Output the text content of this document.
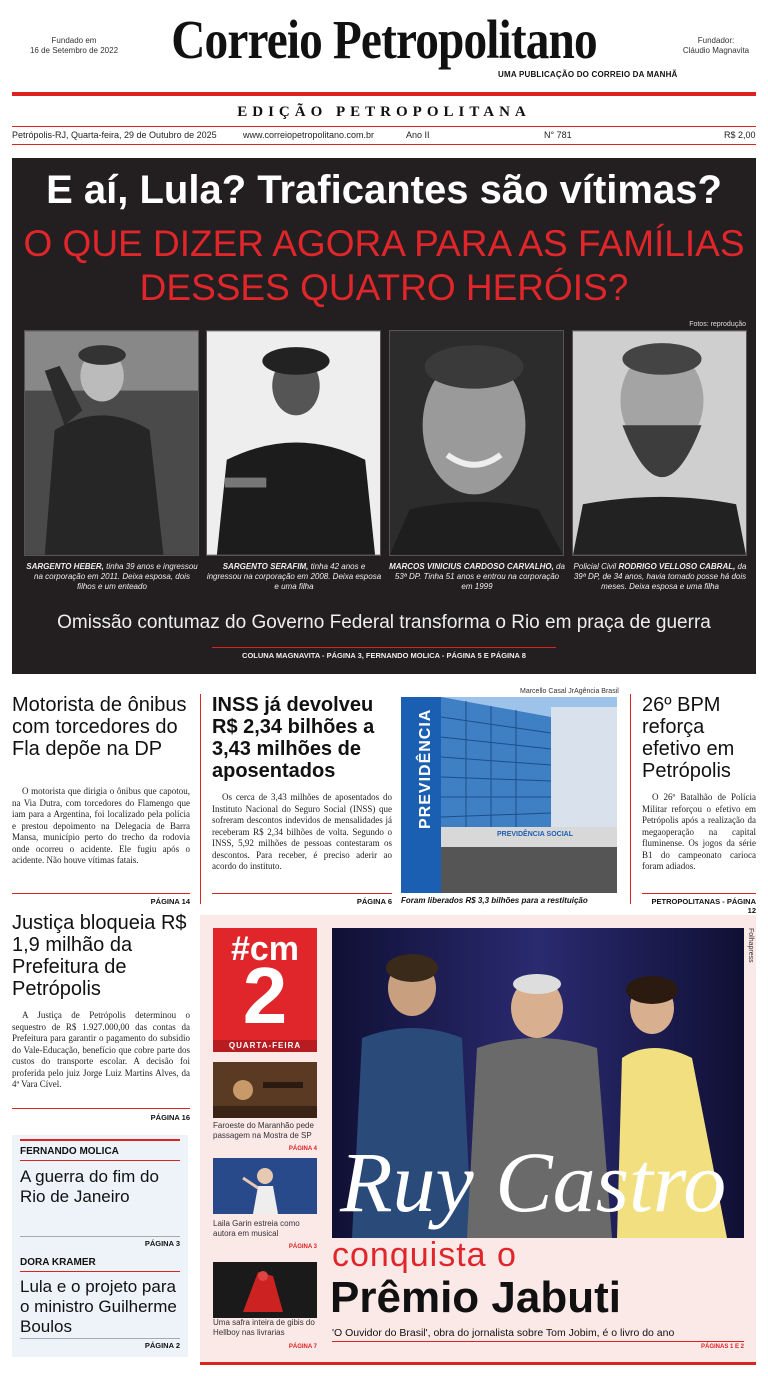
Fundado em
16 de Setembro de 2022 Correio Petropolitano	Fundador:
Cláudio Magnavita
UMA PUBLICAÇÃO DO CORREIO DA MANHÃ
EDIÇÃO PETROPOLITANA
Petrópolis-RJ, Quarta-feira, 29 de Outubro de 2025	www.correiopetropolitano.com.br	Ano II	N° 781	R$ 2,00
E aí, Lula? Traficantes são vítimas?
O QUE DIZER AGORA PARA AS FAMÍLIAS DESSES QUATRO HERÓIS?
Fotos: reprodução
SARGENTO HEBER, tinha 39 anos e ingressou na corporação em 2011. Deixa esposa, dois filhos e um enteado
SARGENTO SERAFIM, tinha 42 anos e ingressou na corporação em 2008. Deixa esposa e uma filha
MARCOS VINICIUS CARDOSO CARVALHO, da 53ª DP. Tinha 51 anos e entrou na corporação em 1999
Policial Civil RODRIGO VELLOSO CABRAL, da 39ª DP, de 34 anos, havia tomado posse há dois meses. Deixa esposa e uma filha
Omissão contumaz do Governo Federal transforma o Rio em praça de guerra
COLUNA MAGNAVITA - PÁGINA 3, FERNANDO MOLICA - PÁGINA 5 E PÁGINA 8
Motorista de ônibus com torcedores do Fla depõe na DP
O motorista que dirigia o ônibus que capotou, na Via Dutra, com torcedores do Flamengo que iam para a Argentina, foi localizado pela polícia e prestou depoimento na Delegacia de Barra Mansa, município perto do trecho da rodovia onde ocorreu o acidente. Ele fugiu após o acidente. Não houve vítimas fatais.
PÁGINA 14
INSS já devolveu R$ 2,34 bilhões a 3,43 milhões de aposentados
Os cerca de 3,43 milhões de aposentados do Instituto Nacional do Seguro Social (INSS) que sofreram descontos indevidos de mensalidades já receberam R$ 2,34 bilhões de volta. Segundo o INSS, 5,92 milhões de pessoas contestaram os descontos. Para receber, é preciso aderir ao acordo do instituto.
PÁGINA 6
Marcello Casal JrAgência Brasil
PREVIDÊNCIA
PREVIDÊNCIA SOCIAL
Foram liberados R$ 3,3 bilhões para a restituição
26º BPM reforça efetivo em Petrópolis
O 26º Batalhão de Polícia Militar reforçou o efetivo em Petrópolis após a realização da megaoperação na capital fluminense. Os jogos da série B1 do campeonato carioca foram adiados.
PETROPOLITANAS - PÁGINA 12
Justiça bloqueia R$ 1,9 milhão da Prefeitura de Petrópolis
A Justiça de Petrópolis determinou o sequestro de R$ 1.927.000,00 das contas da Prefeitura para garantir o pagamento do subsídio do Vale-Educação, benefício que cobre parte dos custos do transporte escolar. A decisão foi proferida pelo juiz Jorge Luiz Martins Alves, da 4ª Vara Cível.
PÁGINA 16
FERNANDO MOLICA
A guerra do fim do Rio de Janeiro
PÁGINA 3
DORA KRAMER
Lula e o projeto para o ministro Guilherme Boulos
PÁGINA 2
#cm
2
QUARTA-FEIRA
Faroeste do Maranhão pede passagem na Mostra de SP
PÁGINA 4
Laila Garin estreia como autora em musical
PÁGINA 3
Uma safra inteira de gibis do Hellboy nas livrarias
PÁGINA 7
Folhapress
Ruy Castro
conquista o
Prêmio Jabuti
'O Ouvidor do Brasil', obra do jornalista sobre Tom Jobim, é o livro do ano
PÁGINAS 1 E 2
